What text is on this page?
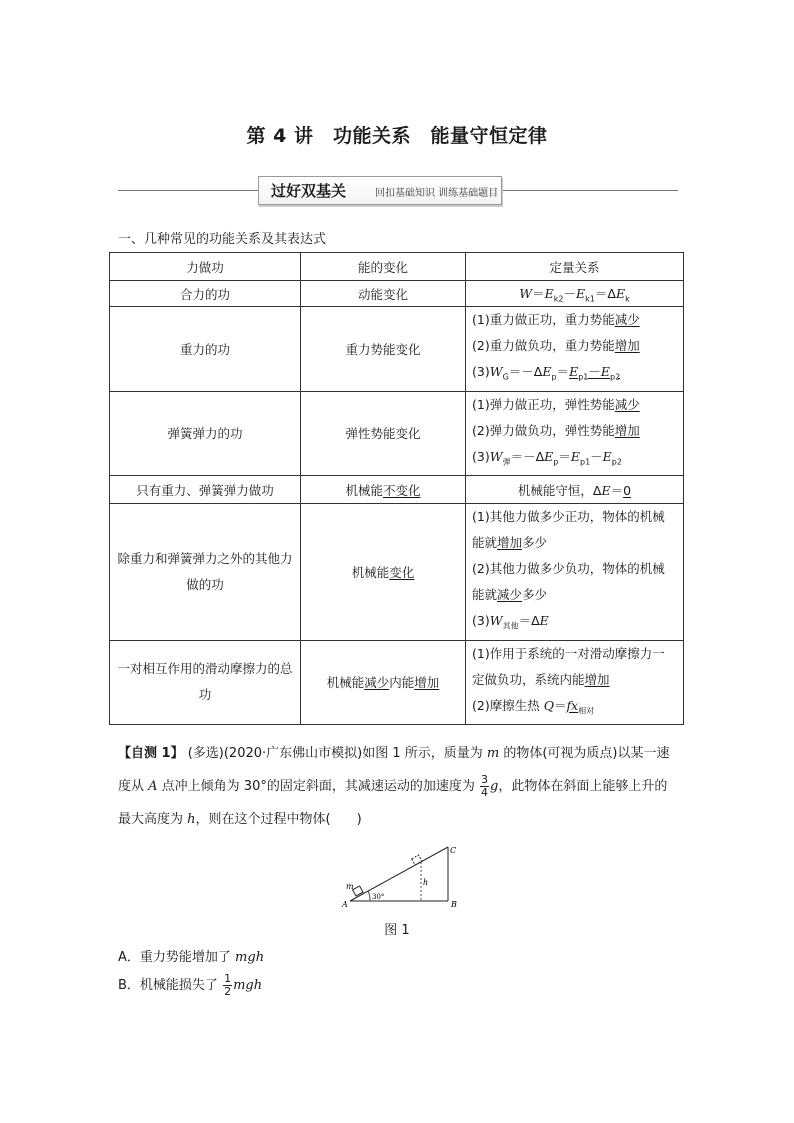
第 4 讲　功能关系　能量守恒定律
过好双基关	回扣基础知识 训练基础题目
一、几种常见的功能关系及其表达式
力做功	能的变化	定量关系
合力的功	动能变化	$W=E_{k2}-E_{k1}=\Delta E_k$
重力的功	重力势能变化	(1)重力做正功，重力势能减少
(2)重力做负功，重力势能增加
$(3)W_G=-\Delta E_p=E_{p1}-E_{p2}$

弹簧弹力的功	弹性势能变化	(1)弹力做正功，弹性势能减少
(2)弹力做负功，弹性势能增加
$(3)W_弹=-\Delta E_p=E_{p1}-E_{p2}$

只有重力、弹簧弹力做功	机械能不变化	机械能守恒，ΔE＝0
除重力和弹簧弹力之外的其他力做的功	机械能变化	(1)其他力做多少正功，物体的机械能就增加多少
(2)其他力做多少负功，物体的机械能就减少多少
$(3)W_{其他}=\Delta E$

一对相互作用的滑动摩擦力的总功	机械能减少内能增加	(1)作用于系统的一对滑动摩擦力一定做负功，系统内能增加
(2)摩擦生热 $Q=fx_{相对}$
【自测 1】 (多选)(2020·广东佛山市模拟)如图 1 所示，质量为 m 的物体(可视为质点)以某一速度从 A 点冲上倾角为 30°的固定斜面，其减速运动的加速度为 $\frac{3}{4}$ g，此物体在斜面上能够上升的最大高度为 h，则在这个过程中物体(　　)
m
A	B
C
h
30°
图 1
A．重力势能增加了 mgh
B．机械能损失了 $\frac{1}{2}$ mgh
